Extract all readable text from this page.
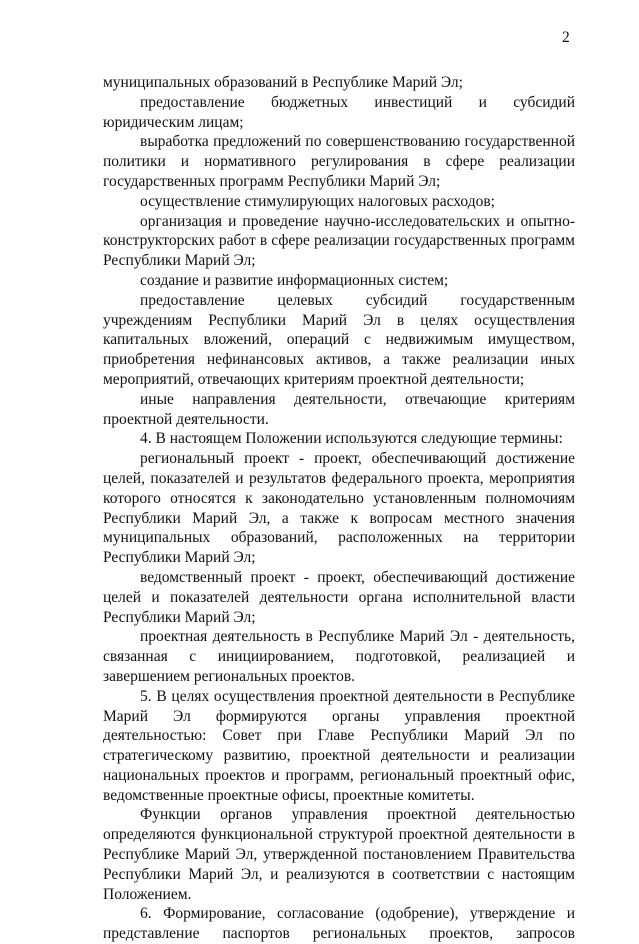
2

муниципальных образований в Республике Марий Эл;

предоставление бюджетных инвестиций и субсидий юридическим лицам;

выработка предложений по совершенствованию государственной политики и нормативного регулирования в сфере реализации государственных программ Республики Марий Эл;

осуществление стимулирующих налоговых расходов;

организация и проведение научно-исследовательских и опытно-конструкторских работ в сфере реализации государственных программ Республики Марий Эл;

создание и развитие информационных систем;

предоставление целевых субсидий государственным учреждениям Республики Марий Эл в целях осуществления капитальных вложений, операций с недвижимым имуществом, приобретения нефинансовых активов, а также реализации иных мероприятий, отвечающих критериям проектной деятельности;

иные направления деятельности, отвечающие критериям проектной деятельности.

4. В настоящем Положении используются следующие термины:

региональный проект - проект, обеспечивающий достижение целей, показателей и результатов федерального проекта, мероприятия которого относятся к законодательно установленным полномочиям Республики Марий Эл, а также к вопросам местного значения муниципальных образований, расположенных на территории Республики Марий Эл;

ведомственный проект - проект, обеспечивающий достижение целей и показателей деятельности органа исполнительной власти Республики Марий Эл;

проектная деятельность в Республике Марий Эл - деятельность, связанная с инициированием, подготовкой, реализацией и завершением региональных проектов.

5. В целях осуществления проектной деятельности в Республике Марий Эл формируются органы управления проектной деятельностью: Совет при Главе Республики Марий Эл по стратегическому развитию, проектной деятельности и реализации национальных проектов и программ, региональный проектный офис, ведомственные проектные офисы, проектные комитеты.

Функции органов управления проектной деятельностью определяются функциональной структурой проектной деятельности в Республике Марий Эл, утвержденной постановлением Правительства Республики Марий Эл, и реализуются в соответствии с настоящим Положением.

6. Формирование, согласование (одобрение), утверждение и представление паспортов региональных проектов, запросов
